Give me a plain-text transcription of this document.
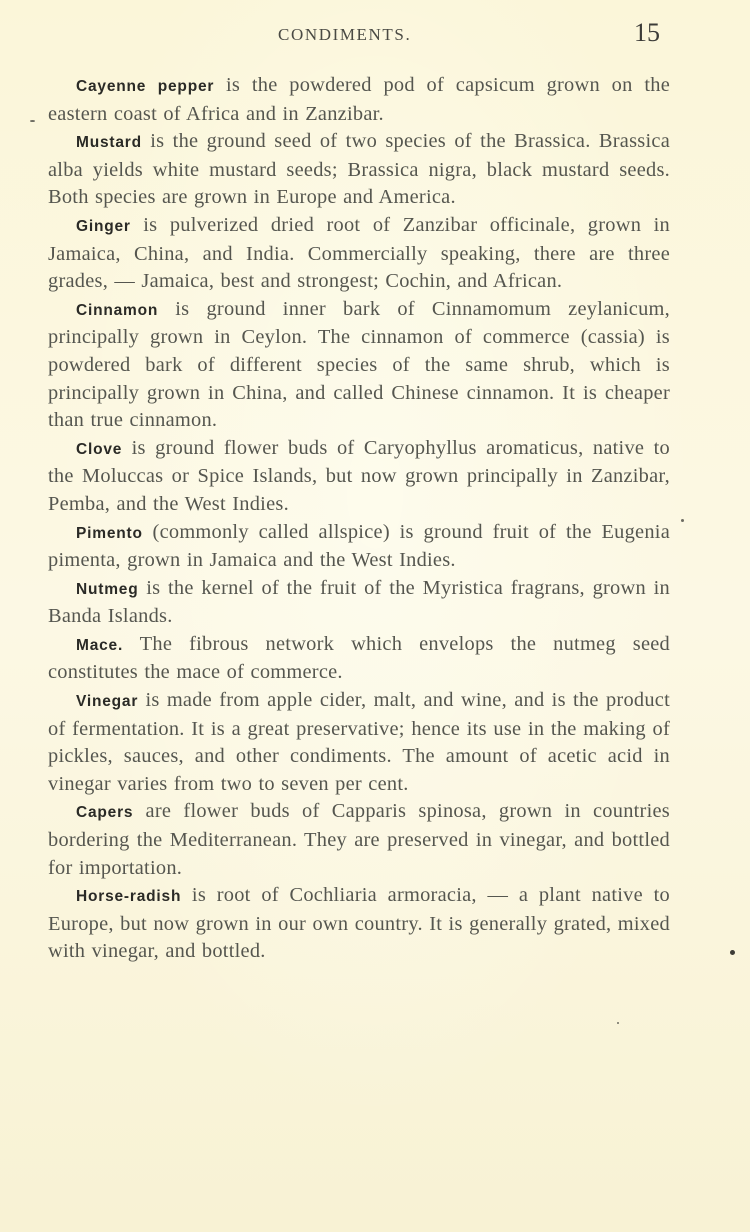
CONDIMENTS.	15

Cayenne pepper is the powdered pod of capsicum grown on the eastern coast of Africa and in Zanzibar.

Mustard is the ground seed of two species of the Brassica. Brassica alba yields white mustard seeds; Brassica nigra, black mustard seeds. Both species are grown in Europe and America.

Ginger is pulverized dried root of Zanzibar officinale, grown in Jamaica, China, and India. Commercially speaking, there are three grades, — Jamaica, best and strongest; Cochin, and African.

Cinnamon is ground inner bark of Cinnamomum zeylanicum, principally grown in Ceylon. The cinnamon of commerce (cassia) is powdered bark of different species of the same shrub, which is principally grown in China, and called Chinese cinnamon. It is cheaper than true cinnamon.

Clove is ground flower buds of Caryophyllus aromaticus, native to the Moluccas or Spice Islands, but now grown principally in Zanzibar, Pemba, and the West Indies.

Pimento (commonly called allspice) is ground fruit of the Eugenia pimenta, grown in Jamaica and the West Indies.

Nutmeg is the kernel of the fruit of the Myristica fragrans, grown in Banda Islands.

Mace. The fibrous network which envelops the nutmeg seed constitutes the mace of commerce.

Vinegar is made from apple cider, malt, and wine, and is the product of fermentation. It is a great preservative; hence its use in the making of pickles, sauces, and other condiments. The amount of acetic acid in vinegar varies from two to seven per cent.

Capers are flower buds of Capparis spinosa, grown in countries bordering the Mediterranean. They are preserved in vinegar, and bottled for importation.

Horse-radish is root of Cochliaria armoracia, — a plant native to Europe, but now grown in our own country. It is generally grated, mixed with vinegar, and bottled.
